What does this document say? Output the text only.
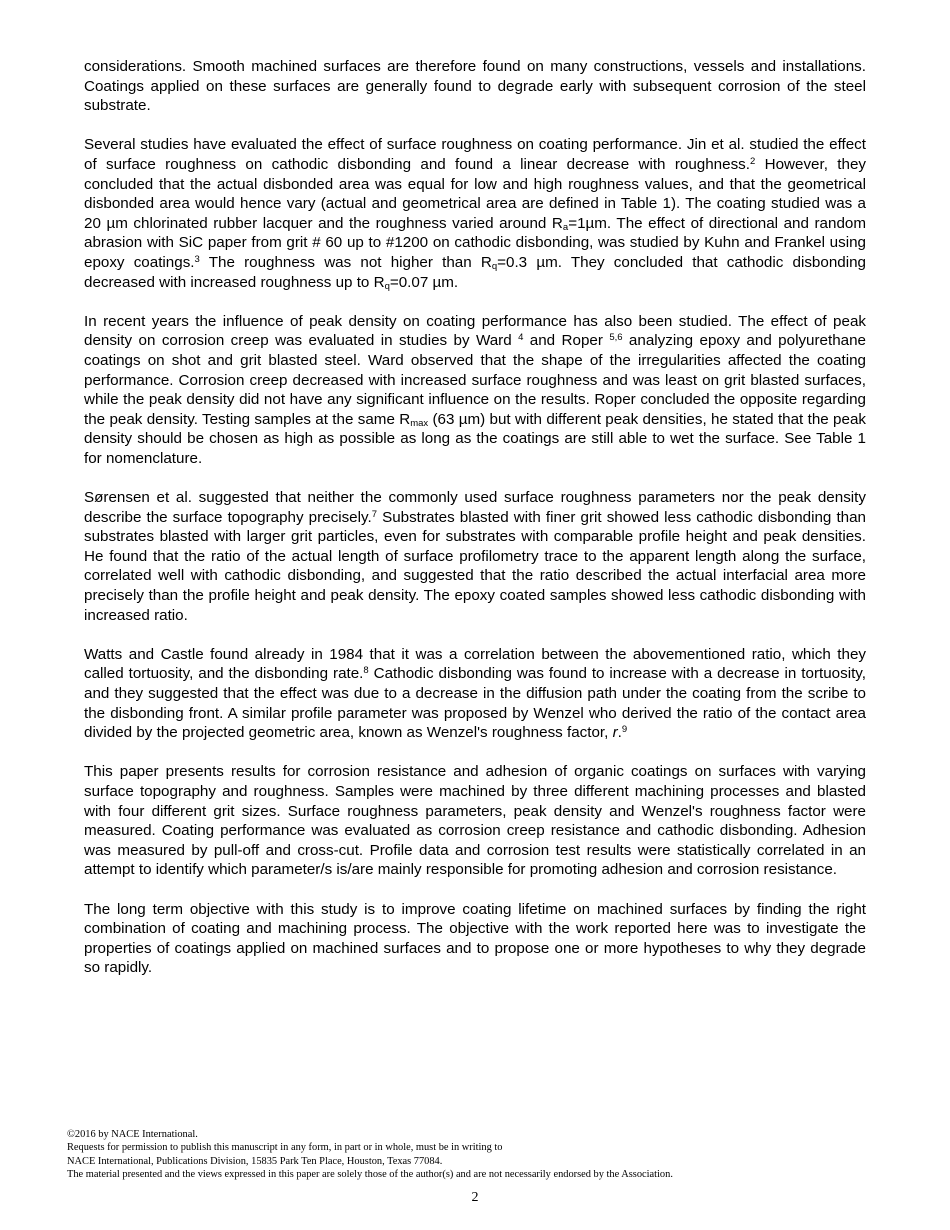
considerations. Smooth machined surfaces are therefore found on many constructions, vessels and installations. Coatings applied on these surfaces are generally found to degrade early with subsequent corrosion of the steel substrate.

Several studies have evaluated the effect of surface roughness on coating performance. Jin et al. studied the effect of surface roughness on cathodic disbonding and found a linear decrease with roughness.$^2$ However, they concluded that the actual disbonded area was equal for low and high roughness values, and that the geometrical disbonded area would hence vary (actual and geometrical area are defined in Table 1). The coating studied was a 20 µm chlorinated rubber lacquer and the roughness varied around $R_a=1\mu m$. The effect of directional and random abrasion with SiC paper from grit # 60 up to #1200 on cathodic disbonding, was studied by Kuhn and Frankel using epoxy coatings.$^3$ The roughness was not higher than $R_q=0.3$ µm. They concluded that cathodic disbonding decreased with increased roughness up to $R_q=0.07$ µm.

In recent years the influence of peak density on coating performance has also been studied. The effect of peak density on corrosion creep was evaluated in studies by Ward $^4$ and Roper $^{5,6}$ analyzing epoxy and polyurethane coatings on shot and grit blasted steel. Ward observed that the shape of the irregularities affected the coating performance. Corrosion creep decreased with increased surface roughness and was least on grit blasted surfaces, while the peak density did not have any significant influence on the results. Roper concluded the opposite regarding the peak density. Testing samples at the same $R_{max}$ (63 µm) but with different peak densities, he stated that the peak density should be chosen as high as possible as long as the coatings are still able to wet the surface. See Table 1 for nomenclature.

Sørensen et al. suggested that neither the commonly used surface roughness parameters nor the peak density describe the surface topography precisely.$^7$ Substrates blasted with finer grit showed less cathodic disbonding than substrates blasted with larger grit particles, even for substrates with comparable profile height and peak densities. He found that the ratio of the actual length of surface profilometry trace to the apparent length along the surface, correlated well with cathodic disbonding, and suggested that the ratio described the actual interfacial area more precisely than the profile height and peak density. The epoxy coated samples showed less cathodic disbonding with increased ratio.

Watts and Castle found already in 1984 that it was a correlation between the abovementioned ratio, which they called tortuosity, and the disbonding rate.$^8$ Cathodic disbonding was found to increase with a decrease in tortuosity, and they suggested that the effect was due to a decrease in the diffusion path under the coating from the scribe to the disbonding front. A similar profile parameter was proposed by Wenzel who derived the ratio of the contact area divided by the projected geometric area, known as Wenzel's roughness factor, r.$^9$

This paper presents results for corrosion resistance and adhesion of organic coatings on surfaces with varying surface topography and roughness. Samples were machined by three different machining processes and blasted with four different grit sizes. Surface roughness parameters, peak density and Wenzel's roughness factor were measured. Coating performance was evaluated as corrosion creep resistance and cathodic disbonding. Adhesion was measured by pull-off and cross-cut. Profile data and corrosion test results were statistically correlated in an attempt to identify which parameter/s is/are mainly responsible for promoting adhesion and corrosion resistance.

The long term objective with this study is to improve coating lifetime on machined surfaces by finding the right combination of coating and machining process. The objective with the work reported here was to investigate the properties of coatings applied on machined surfaces and to propose one or more hypotheses to why they degrade so rapidly.

©2016 by NACE International.
Requests for permission to publish this manuscript in any form, in part or in whole, must be in writing to
NACE International, Publications Division, 15835 Park Ten Place, Houston, Texas 77084.
The material presented and the views expressed in this paper are solely those of the author(s) and are not necessarily endorsed by the Association.
2
